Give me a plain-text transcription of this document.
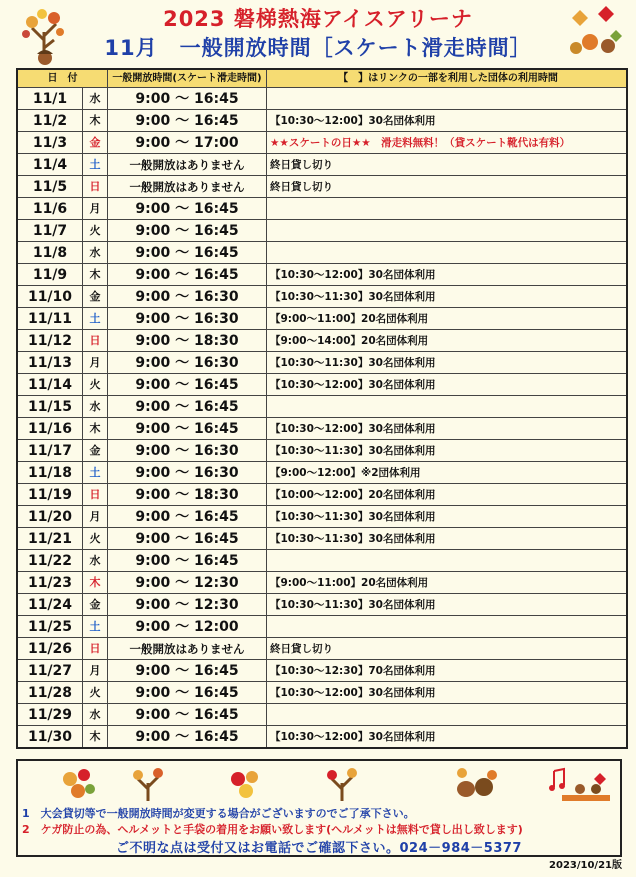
2023 磐梯熱海アイスアリーナ
11月　一般開放時間［スケート滑走時間］
日　付		一般開放時間(スケート滑走時間)	【　】はリンクの一部を利用した団体の利用時間
11/1	水	9:00 ～ 16:45	
11/2	木	9:00 ～ 16:45	【10:30～12:00】30名団体利用
11/3	金	9:00 ～ 17:00	★★スケートの日★★　滑走料無料！（貸スケート靴代は有料）
11/4	土	一般開放はありません	終日貸し切り
11/5	日	一般開放はありません	終日貸し切り
11/6	月	9:00 ～ 16:45	
11/7	火	9:00 ～ 16:45	
11/8	水	9:00 ～ 16:45	
11/9	木	9:00 ～ 16:45	【10:30～12:00】30名団体利用
11/10	金	9:00 ～ 16:30	【10:30～11:30】30名団体利用
11/11	土	9:00 ～ 16:30	【9:00～11:00】20名団体利用
11/12	日	9:00 ～ 18:30	【9:00～14:00】20名団体利用
11/13	月	9:00 ～ 16:30	【10:30～11:30】30名団体利用
11/14	火	9:00 ～ 16:45	【10:30～12:00】30名団体利用
11/15	水	9:00 ～ 16:45	
11/16	木	9:00 ～ 16:45	【10:30～12:00】30名団体利用
11/17	金	9:00 ～ 16:30	【10:30～11:30】30名団体利用
11/18	土	9:00 ～ 16:30	【9:00～12:00】※2団体利用
11/19	日	9:00 ～ 18:30	【10:00～12:00】20名団体利用
11/20	月	9:00 ～ 16:45	【10:30～11:30】30名団体利用
11/21	火	9:00 ～ 16:45	【10:30～11:30】30名団体利用
11/22	水	9:00 ～ 16:45	
11/23	木	9:00 ～ 12:30	【9:00～11:00】20名団体利用
11/24	金	9:00 ～ 12:30	【10:30～11:30】30名団体利用
11/25	土	9:00 ～ 12:00	
11/26	日	一般開放はありません	終日貸し切り
11/27	月	9:00 ～ 16:45	【10:30～12:30】70名団体利用
11/28	火	9:00 ～ 16:45	【10:30～12:00】30名団体利用
11/29	水	9:00 ～ 16:45	
11/30	木	9:00 ～ 16:45	【10:30～12:00】30名団体利用
1　大会貸切等で一般開放時間が変更する場合がございますのでご了承下さい。
2　ケガ防止の為、ヘルメットと手袋の着用をお願い致します(ヘルメットは無料で貸し出し致します)
ご不明な点は受付又はお電話でご確認下さい。024－984－5377
2023/10/21版
